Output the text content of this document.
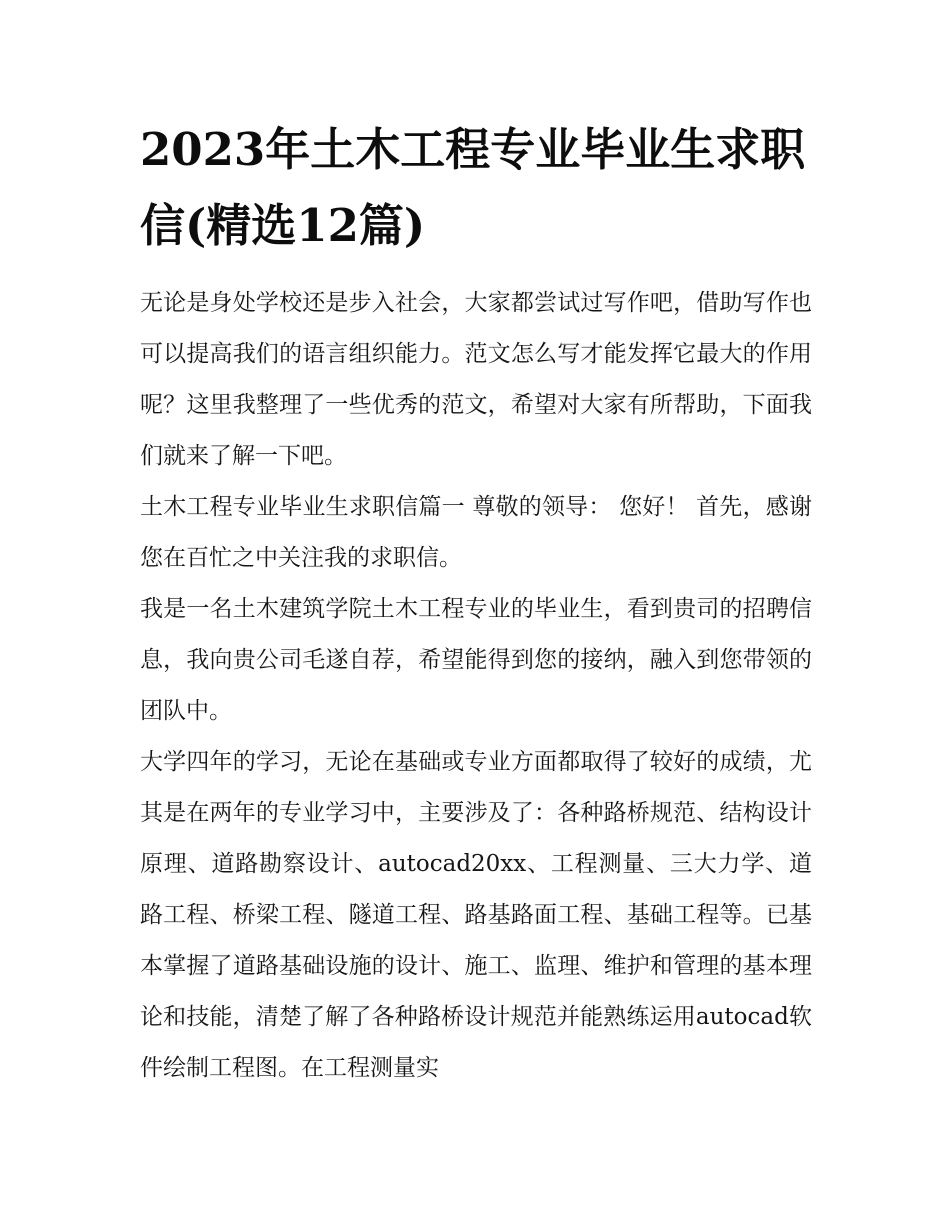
2023年土木工程专业毕业生求职信(精选12篇)

无论是身处学校还是步入社会，大家都尝试过写作吧，借助写作也可以提高我们的语言组织能力。范文怎么写才能发挥它最大的作用呢？这里我整理了一些优秀的范文，希望对大家有所帮助，下面我们就来了解一下吧。

土木工程专业毕业生求职信篇一 尊敬的领导： 您好！ 首先，感谢您在百忙之中关注我的求职信。

我是一名土木建筑学院土木工程专业的毕业生，看到贵司的招聘信息，我向贵公司毛遂自荐，希望能得到您的接纳，融入到您带领的团队中。

大学四年的学习，无论在基础或专业方面都取得了较好的成绩，尤其是在两年的专业学习中，主要涉及了：各种路桥规范、结构设计原理、道路勘察设计、autocad20xx、工程测量、三大力学、道路工程、桥梁工程、隧道工程、路基路面工程、基础工程等。已基本掌握了道路基础设施的设计、施工、监理、维护和管理的基本理论和技能，清楚了解了各种路桥设计规范并能熟练运用autocad软件绘制工程图。在工程测量实
